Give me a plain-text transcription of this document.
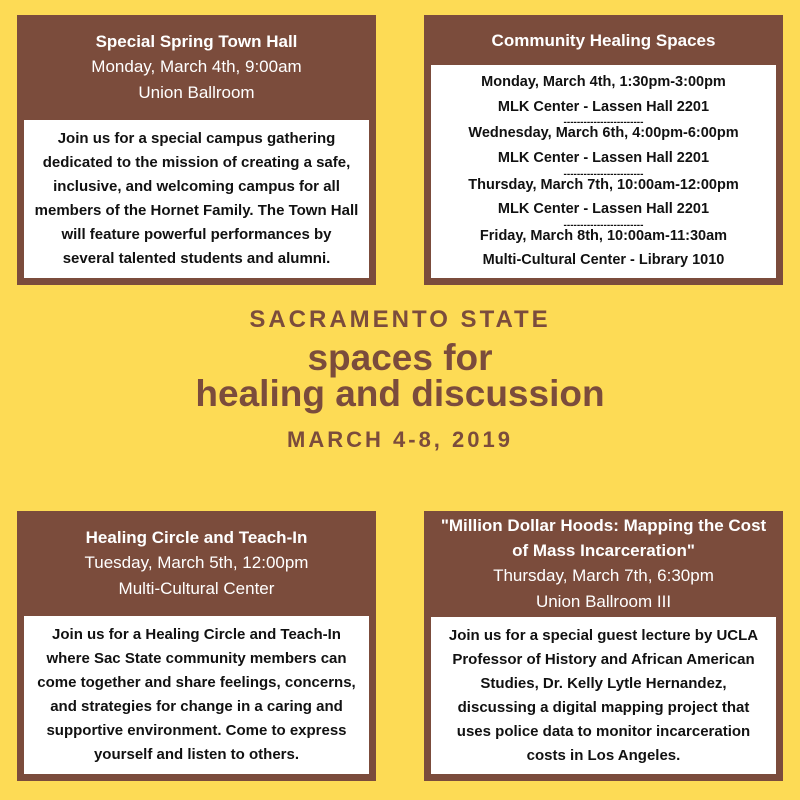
Special Spring Town Hall
Monday, March 4th, 9:00am
Union Ballroom
Join us for a special campus gathering dedicated to the mission of creating a safe, inclusive, and welcoming campus for all members of the Hornet Family. The Town Hall will feature powerful performances by several talented students and alumni.
Community Healing Spaces
Monday, March 4th, 1:30pm-3:00pm
MLK Center - Lassen Hall 2201
------------------------
Wednesday, March 6th, 4:00pm-6:00pm
MLK Center - Lassen Hall 2201
------------------------
Thursday, March 7th, 10:00am-12:00pm
MLK Center - Lassen Hall 2201
------------------------
Friday, March 8th, 10:00am-11:30am
Multi-Cultural Center - Library 1010
SACRAMENTO STATE
spaces for
healing and discussion
MARCH 4-8, 2019
Healing Circle and Teach-In
Tuesday, March 5th, 12:00pm
Multi-Cultural Center
Join us for a Healing Circle and Teach-In where Sac State community members can come together and share feelings, concerns, and strategies for change in a caring and supportive environment. Come to express yourself and listen to others.
"Million Dollar Hoods: Mapping the Cost of Mass Incarceration"
Thursday, March 7th, 6:30pm
Union Ballroom III
Join us for a special guest lecture by UCLA Professor of History and African American Studies, Dr. Kelly Lytle Hernandez, discussing a digital mapping project that uses police data to monitor incarceration costs in Los Angeles.
